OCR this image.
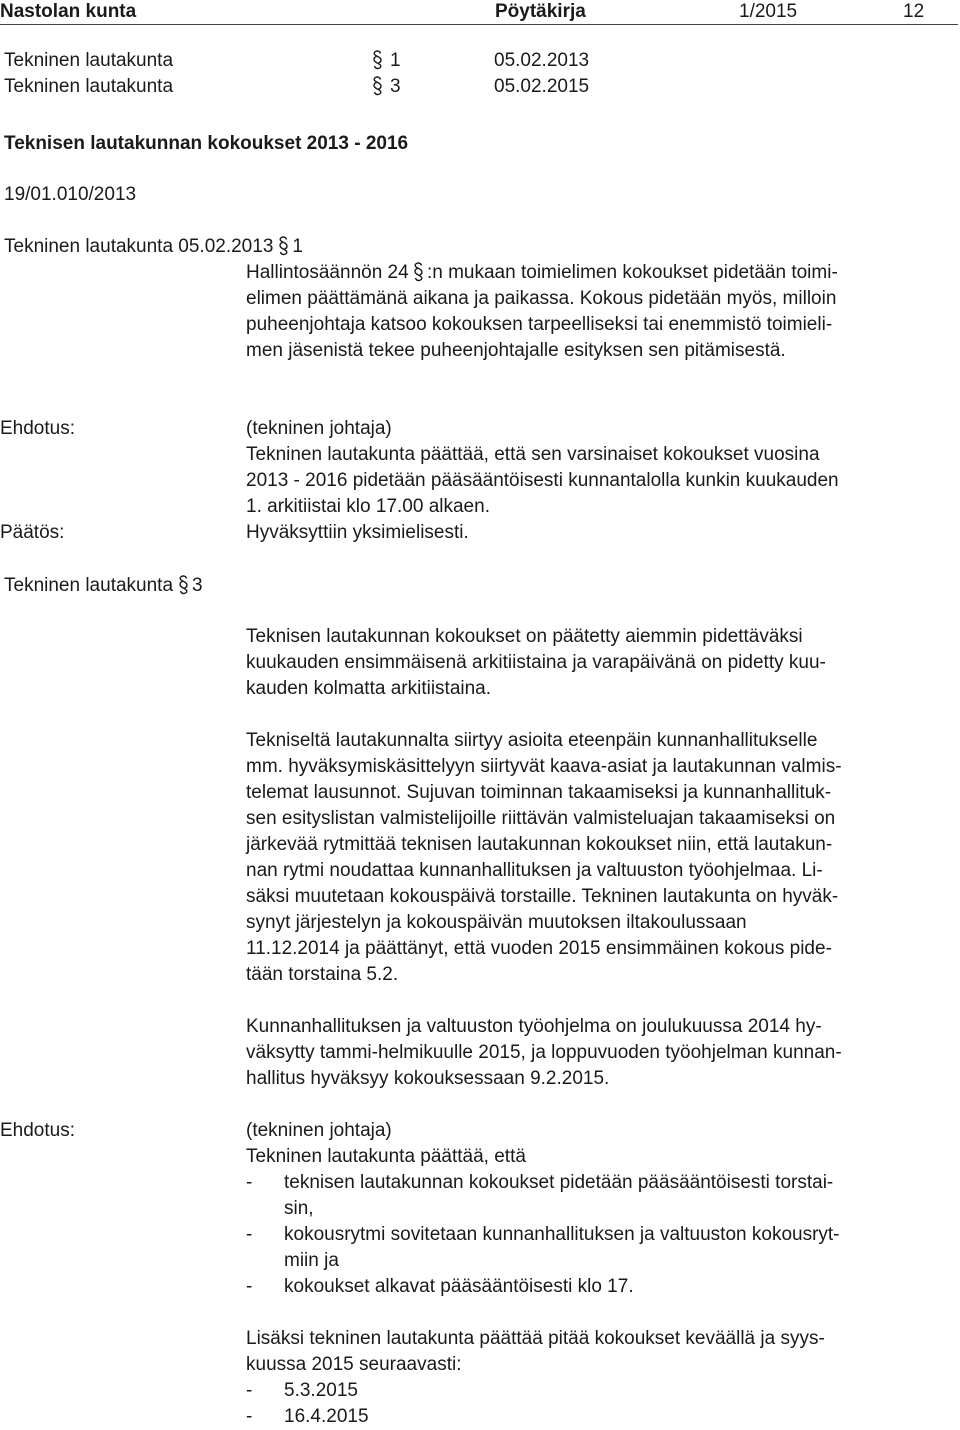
Nastolan kunta	Pöytäkirja	1/2015	12
Tekninen lautakunta	1	05.02.2013
Tekninen lautakunta	3	05.02.2015
Teknisen lautakunnan kokoukset 2013 - 2016
19/01.010/2013
Tekninen lautakunta 05.02.2013 1
Hallintosäännön 24
:n mukaan toimielimen kokoukset pidetään toimi-
elimen päättämänä aikana ja paikassa. Kokous pidetään myös, milloin
puheenjohtaja katsoo kokouksen tarpeelliseksi tai enemmistö toimieli-
men jäsenistä tekee puheenjohtajalle esityksen sen pitämisestä.
Ehdotus:	(tekninen johtaja)
Tekninen lautakunta päättää, että sen varsinaiset kokoukset vuosina
2013 - 2016 pidetään pääsääntöisesti kunnantalolla kunkin kuukauden
1. arkitiistai klo 17.00 alkaen.
Päätös:	Hyväksyttiin yksimielisesti.
Tekninen lautakunta 3
Teknisen lautakunnan kokoukset on päätetty aiemmin pidettäväksi
kuukauden ensimmäisenä arkitiistaina ja varapäivänä on pidetty kuu-
kauden kolmatta arkitiistaina.
Tekniseltä lautakunnalta siirtyy asioita eteenpäin kunnanhallitukselle
mm. hyväksymiskäsittelyyn siirtyvät kaava-asiat ja lautakunnan valmis-
telemat lausunnot. Sujuvan toiminnan takaamiseksi ja kunnanhallituk-
sen esityslistan valmistelijoille riittävän valmisteluajan takaamiseksi on
järkevää rytmittää teknisen lautakunnan kokoukset niin, että lautakun-
nan rytmi noudattaa kunnanhallituksen ja valtuuston työohjelmaa. Li-
säksi muutetaan kokouspäivä torstaille. Tekninen lautakunta on hyväk-
synyt järjestelyn ja kokouspäivän muutoksen iltakoulussaan
11.12.2014 ja päättänyt, että vuoden 2015 ensimmäinen kokous pide-
tään torstaina 5.2.
Kunnanhallituksen ja valtuuston työohjelma on joulukuussa 2014 hy-
väksytty tammi-helmikuulle 2015, ja loppuvuoden työohjelman kunnan-
hallitus hyväksyy kokouksessaan 9.2.2015.
Ehdotus:	(tekninen johtaja)
Tekninen lautakunta päättää, että
- teknisen lautakunnan kokoukset pidetään pääsääntöisesti torstai-
sin,
- kokousrytmi sovitetaan kunnanhallituksen ja valtuuston kokousryt-
miin ja
- kokoukset alkavat pääsääntöisesti klo 17.
Lisäksi tekninen lautakunta päättää pitää kokoukset keväällä ja syys-
kuussa 2015 seuraavasti:
- 5.3.2015
- 16.4.2015
